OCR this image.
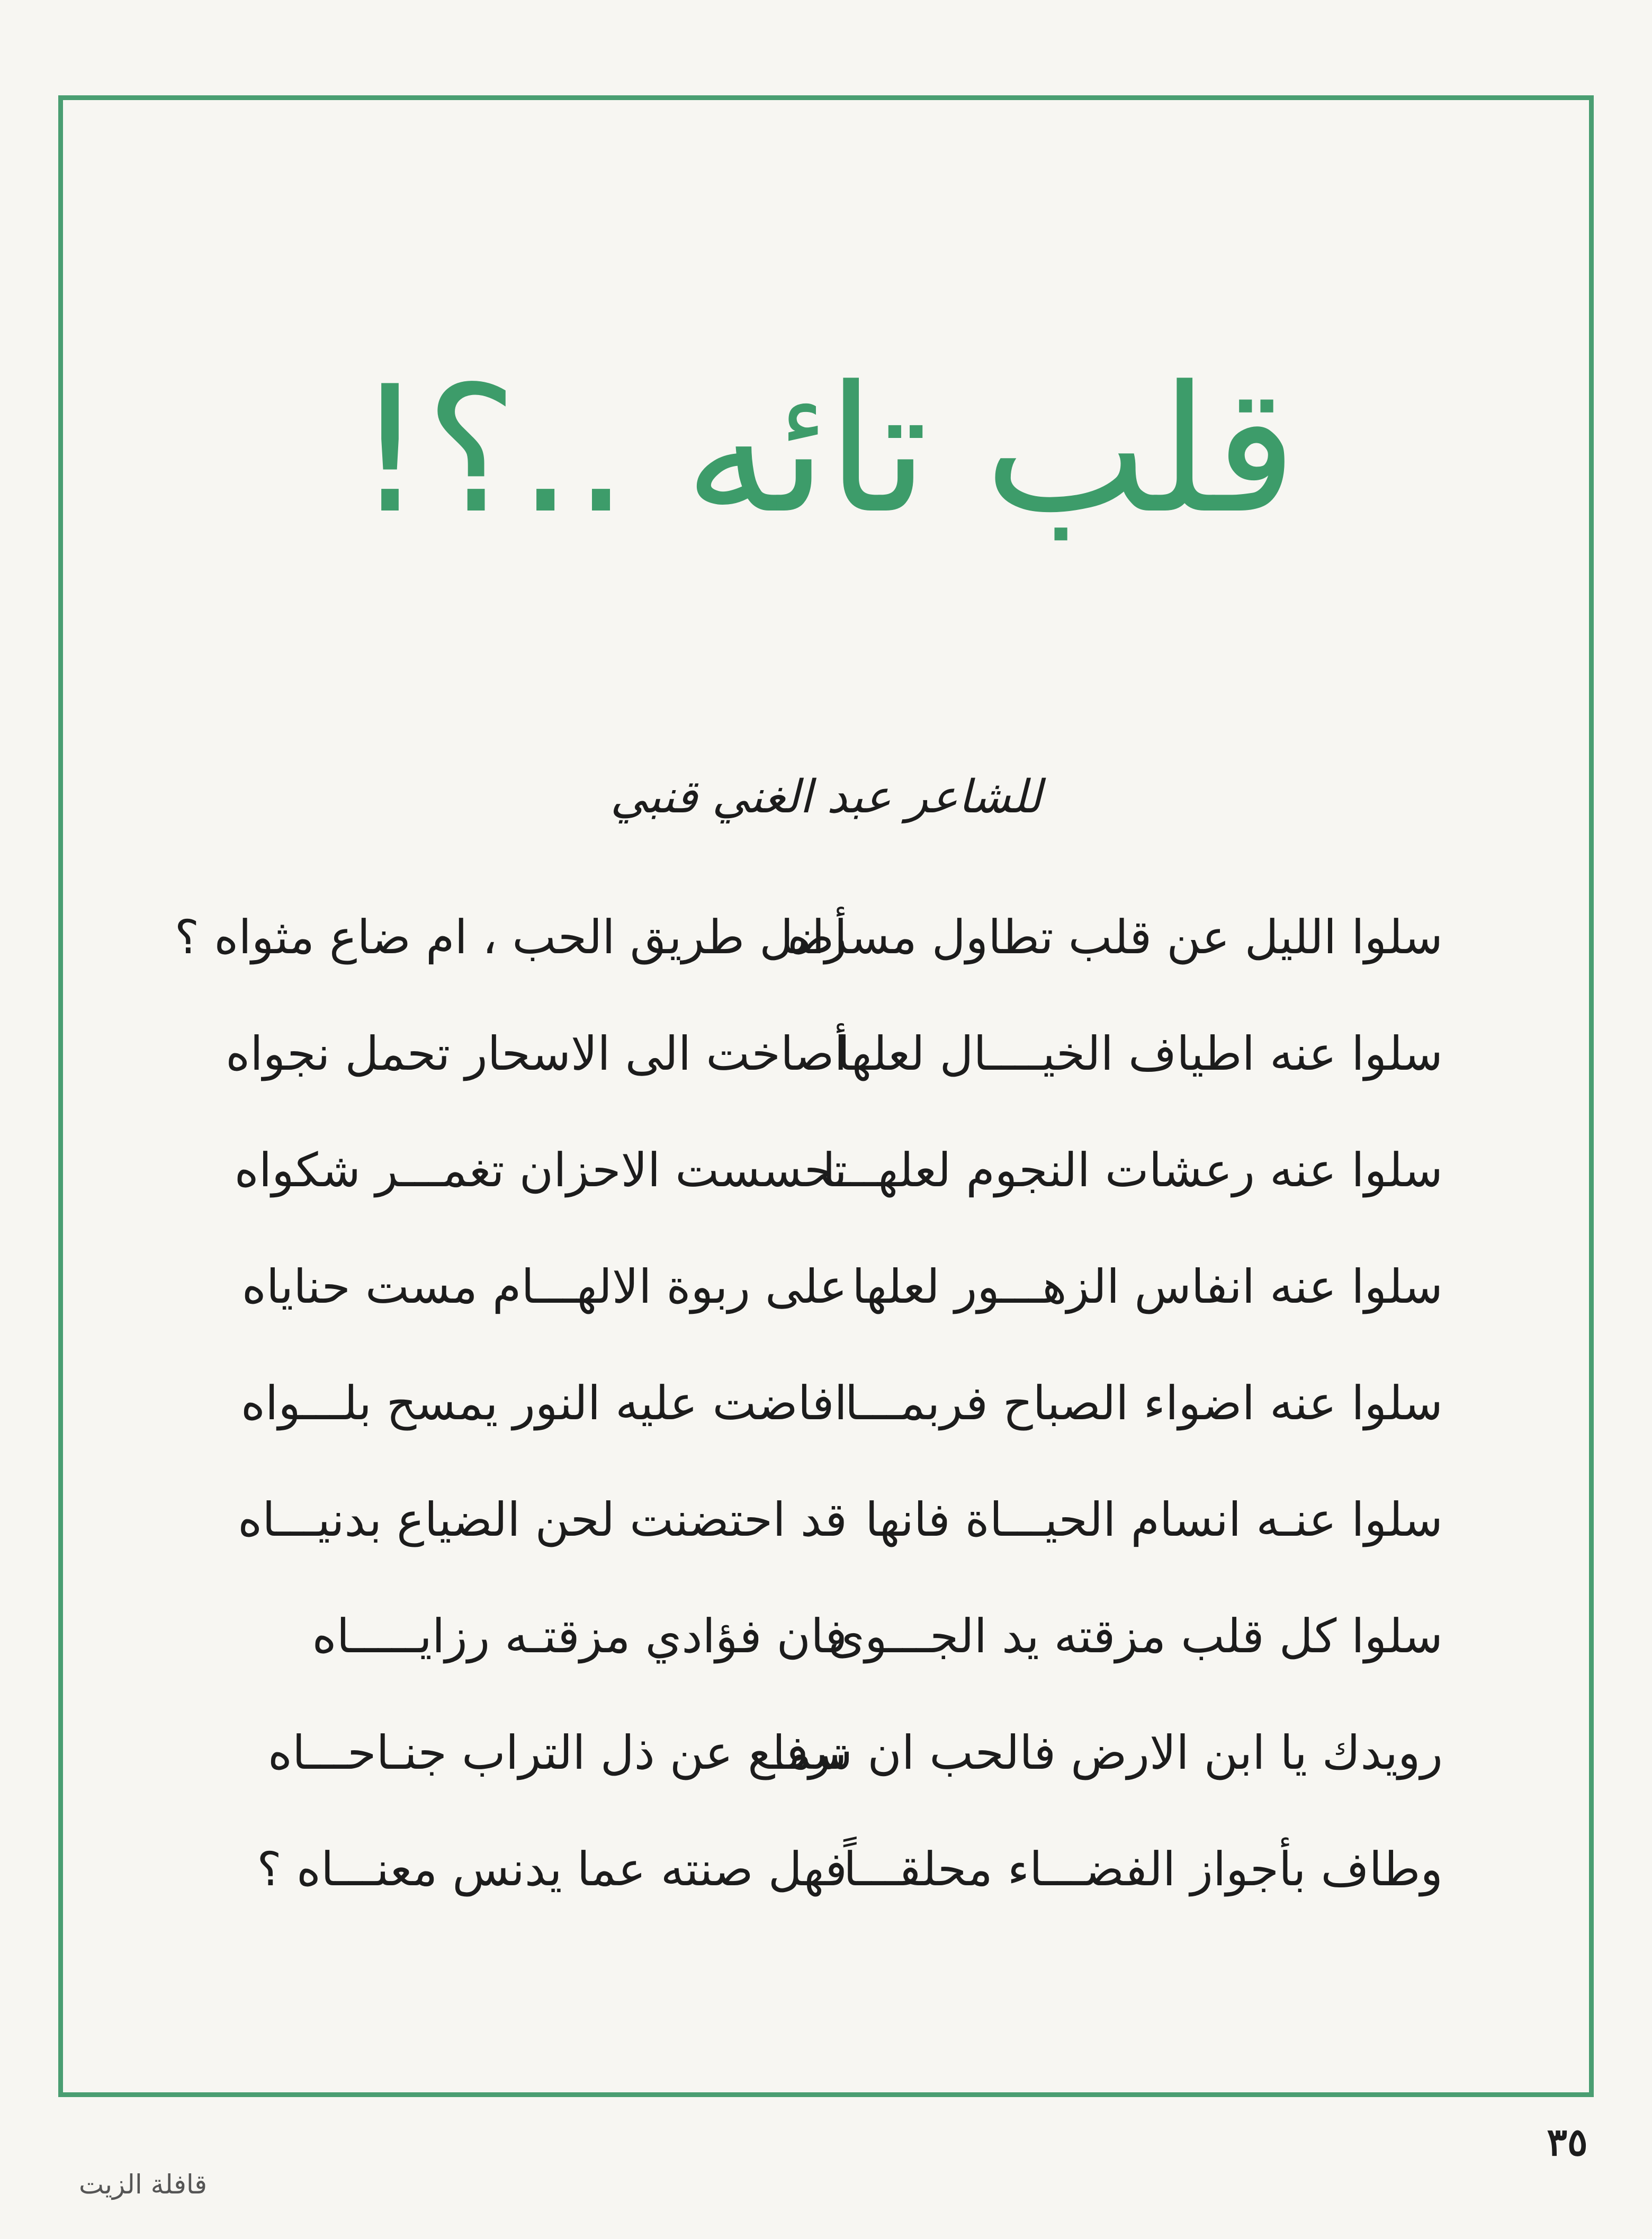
قلب تائه ..؟!
للشاعر عبد الغني قنبي
سلوا الليل عن قلب تطاول مسراه
أضل طريق الحب ، ام ضاع مثواه ؟
سلوا عنه اطياف الخيــــال لعلها
أصاخت الى الاسحار تحمل نجواه
سلوا عنه رعشات النجوم لعلهـــا
تحسست الاحزان تغمـــر شكواه
سلوا عنه انفاس الزهـــور لعلها
على ربوة الالهـــام مست حناياه
سلوا عنه اضواء الصباح فربمـــا
افاضت عليه النور يمسح بلـــواه
سلوا عنـه انسام الحيـــاة فانها
قد احتضنت لحن الضياع بدنيـــاه
سلوا كل قلب مزقته يد الجـــوى
فان فؤادي مزقتـه رزايـــــاه
رويدك يا ابن الارض فالحب ان سما
ترفـع عن ذل التراب جنـاحـــاه
وطاف بأجواز الفضـــاء محلقـــاً
فهل صنته عما يدنس معنـــاه ؟
٣٥
قافلة الزيت
